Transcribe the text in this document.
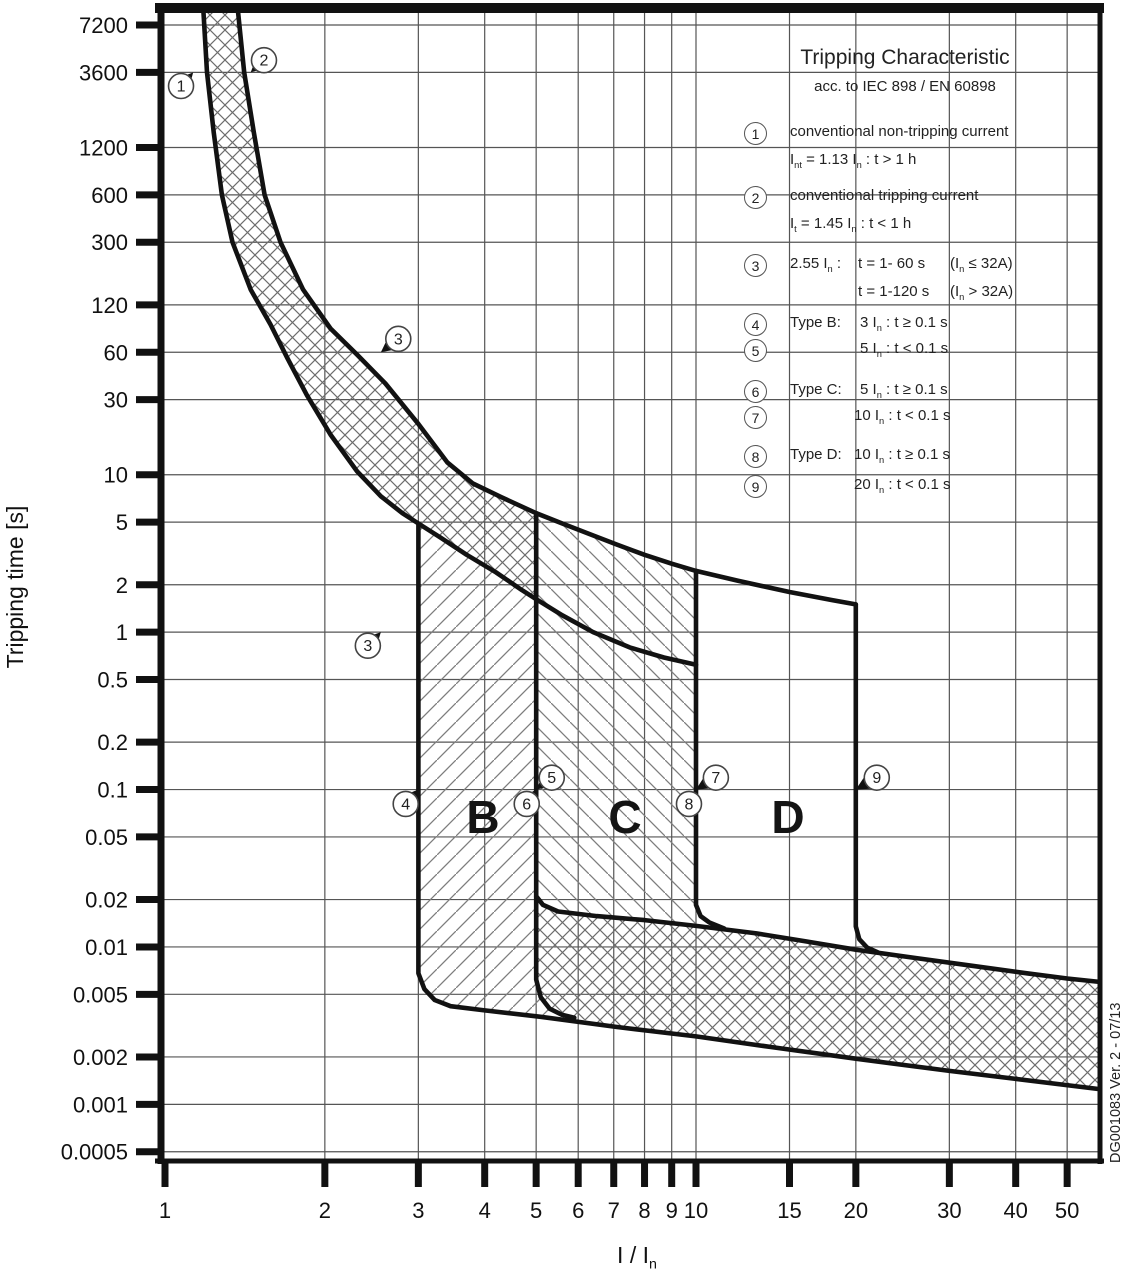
1	2	3 4 5 6 7 8 9 10	15 20	30 40 50
7200
3600
1200
600
300
120
60
30
10
5
2
1
0.5
0.2
0.1
0.05
0.02
0.01
0.005
0.002
0.001
0.0005
B C	D
1
2
3
3
4
5
6
7
8
9
Tripping Characteristic
acc. to IEC 898 / EN 60898
1	conventional non-tripping current
$I_{nt} = 1.13$ $I_n$ : t > 1 h
2	conventional tripping current
$I_t = 1.45$ $I_n$ : t < 1 h
3	2.55 $I_n$ : t = 1- 60 s $(I_n \le 32A)$
t = 1-120 s $(I_n > 32A)$
4	Type B: 3 $I_n$ : t ≥ 0.1 s
5	5 $I_n$ : t < 0.1 s
6	Type C: 5 $I_n$ : t ≥ 0.1 s
7	10 $I_n$ : t < 0.1 s
8	Type D: 10 $I_n$ : t ≥ 0.1 s
9	20 $I_n$ : t < 0.1 s
Tripping time [s]
I / $I_n$
DG001083 Ver. 2 - 07/13
